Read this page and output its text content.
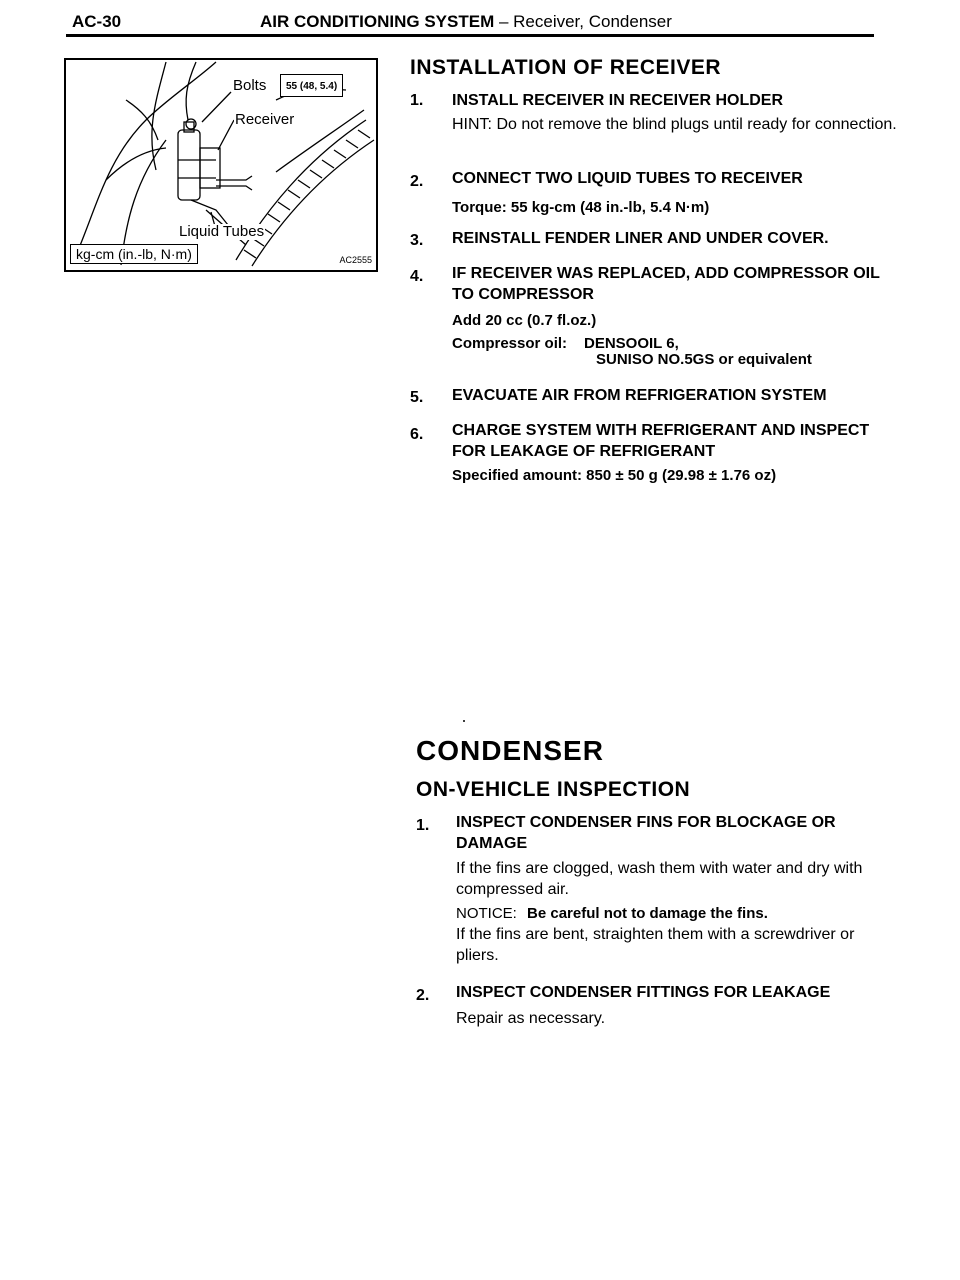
AC-30	AIR CONDITIONING SYSTEM – Receiver, Condenser
Bolts	55 (48, 5.4)
Receiver
Liquid Tubes
kg-cm (in.-lb, N·m)	AC2555
INSTALLATION OF RECEIVER
1. INSTALL RECEIVER IN RECEIVER HOLDER
HINT: Do not remove the blind plugs until ready for connection.
2. CONNECT TWO LIQUID TUBES TO RECEIVER
Torque: 55 kg-cm (48 in.-lb, 5.4 N·m)
3. REINSTALL FENDER LINER AND UNDER COVER.
4. IF RECEIVER WAS REPLACED, ADD COMPRESSOR OIL TO COMPRESSOR
Add 20 cc (0.7 fl.oz.)
Compressor oil: DENSOOIL 6,
SUNISO NO.5GS or equivalent
5. EVACUATE AIR FROM REFRIGERATION SYSTEM
6. CHARGE SYSTEM WITH REFRIGERANT AND INSPECT FOR LEAKAGE OF REFRIGERANT
Specified amount: 850 ± 50 g (29.98 ± 1.76 oz)
CONDENSER
ON-VEHICLE INSPECTION
1. INSPECT CONDENSER FINS FOR BLOCKAGE OR DAMAGE
If the fins are clogged, wash them with water and dry with compressed air.
NOTICE: Be careful not to damage the fins.
If the fins are bent, straighten them with a screwdriver or pliers.
2. INSPECT CONDENSER FITTINGS FOR LEAKAGE
Repair as necessary.
